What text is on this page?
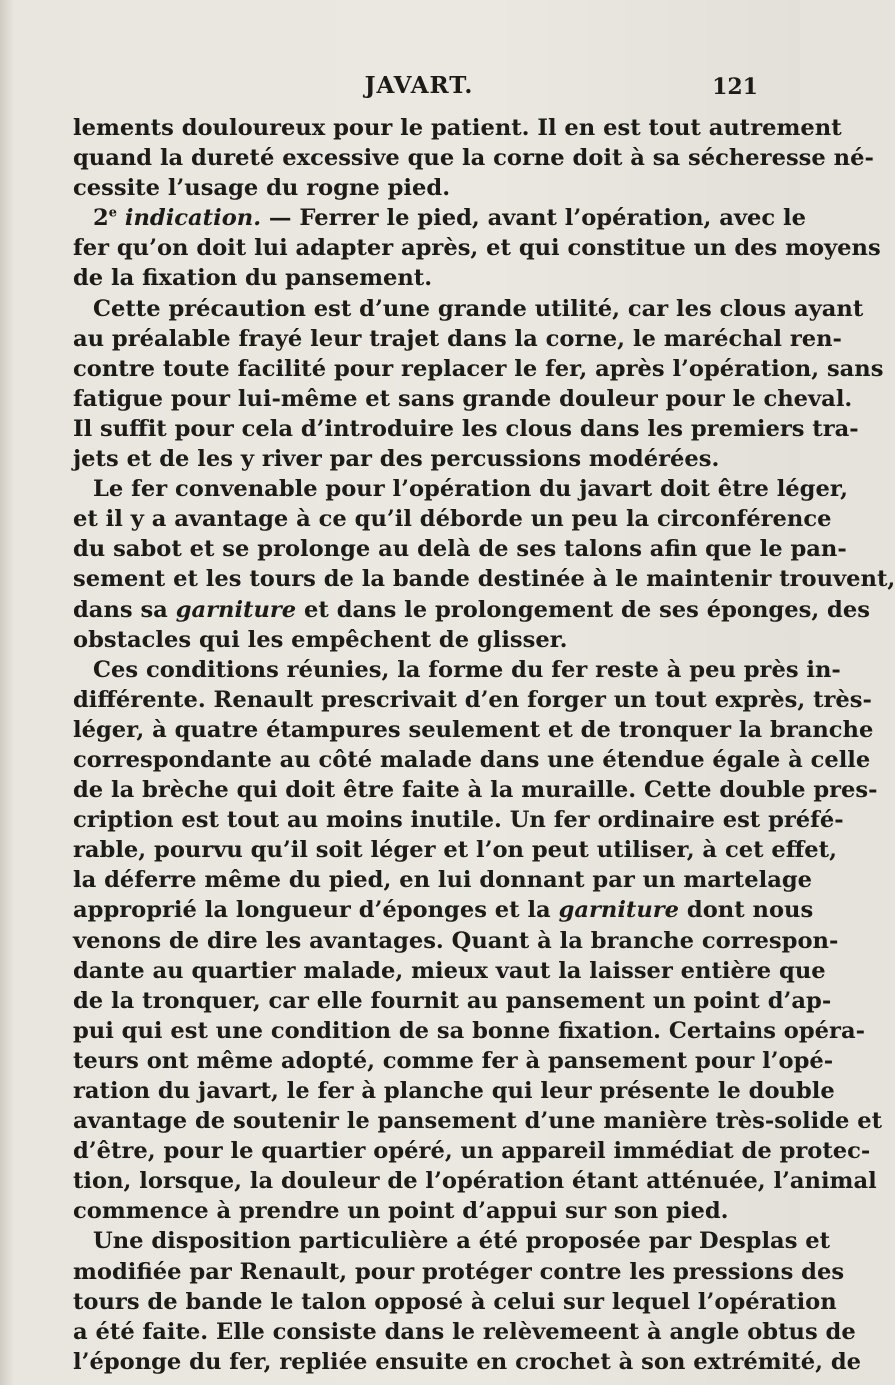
JAVART.	121
lements douloureux pour le patient. Il en est tout autrement
quand la dureté excessive que la corne doit à sa sécheresse né-
cessite l’usage du rogne pied.
2e indication. — Ferrer le pied, avant l’opération, avec le
fer qu’on doit lui adapter après, et qui constitue un des moyens
de la fixation du pansement.
Cette précaution est d’une grande utilité, car les clous ayant
au préalable frayé leur trajet dans la corne, le maréchal ren-
contre toute facilité pour replacer le fer, après l’opération, sans
fatigue pour lui-même et sans grande douleur pour le cheval.
Il suffit pour cela d’introduire les clous dans les premiers tra-
jets et de les y river par des percussions modérées.
Le fer convenable pour l’opération du javart doit être léger,
et il y a avantage à ce qu’il déborde un peu la circonférence
du sabot et se prolonge au delà de ses talons afin que le pan-
sement et les tours de la bande destinée à le maintenir trouvent,
dans sa garniture et dans le prolongement de ses éponges, des
obstacles qui les empêchent de glisser.
Ces conditions réunies, la forme du fer reste à peu près in-
différente. Renault prescrivait d’en forger un tout exprès, très-
léger, à quatre étampures seulement et de tronquer la branche
correspondante au côté malade dans une étendue égale à celle
de la brèche qui doit être faite à la muraille. Cette double pres-
cription est tout au moins inutile. Un fer ordinaire est préfé-
rable, pourvu qu’il soit léger et l’on peut utiliser, à cet effet,
la déferre même du pied, en lui donnant par un martelage
approprié la longueur d’éponges et la garniture dont nous
venons de dire les avantages. Quant à la branche correspon-
dante au quartier malade, mieux vaut la laisser entière que
de la tronquer, car elle fournit au pansement un point d’ap-
pui qui est une condition de sa bonne fixation. Certains opéra-
teurs ont même adopté, comme fer à pansement pour l’opé-
ration du javart, le fer à planche qui leur présente le double
avantage de soutenir le pansement d’une manière très-solide et
d’être, pour le quartier opéré, un appareil immédiat de protec-
tion, lorsque, la douleur de l’opération étant atténuée, l’animal
commence à prendre un point d’appui sur son pied.
Une disposition particulière a été proposée par Desplas et
modifiée par Renault, pour protéger contre les pressions des
tours de bande le talon opposé à celui sur lequel l’opération
a été faite. Elle consiste dans le relèvemeent à angle obtus de
l’éponge du fer, repliée ensuite en crochet à son extrémité, de
